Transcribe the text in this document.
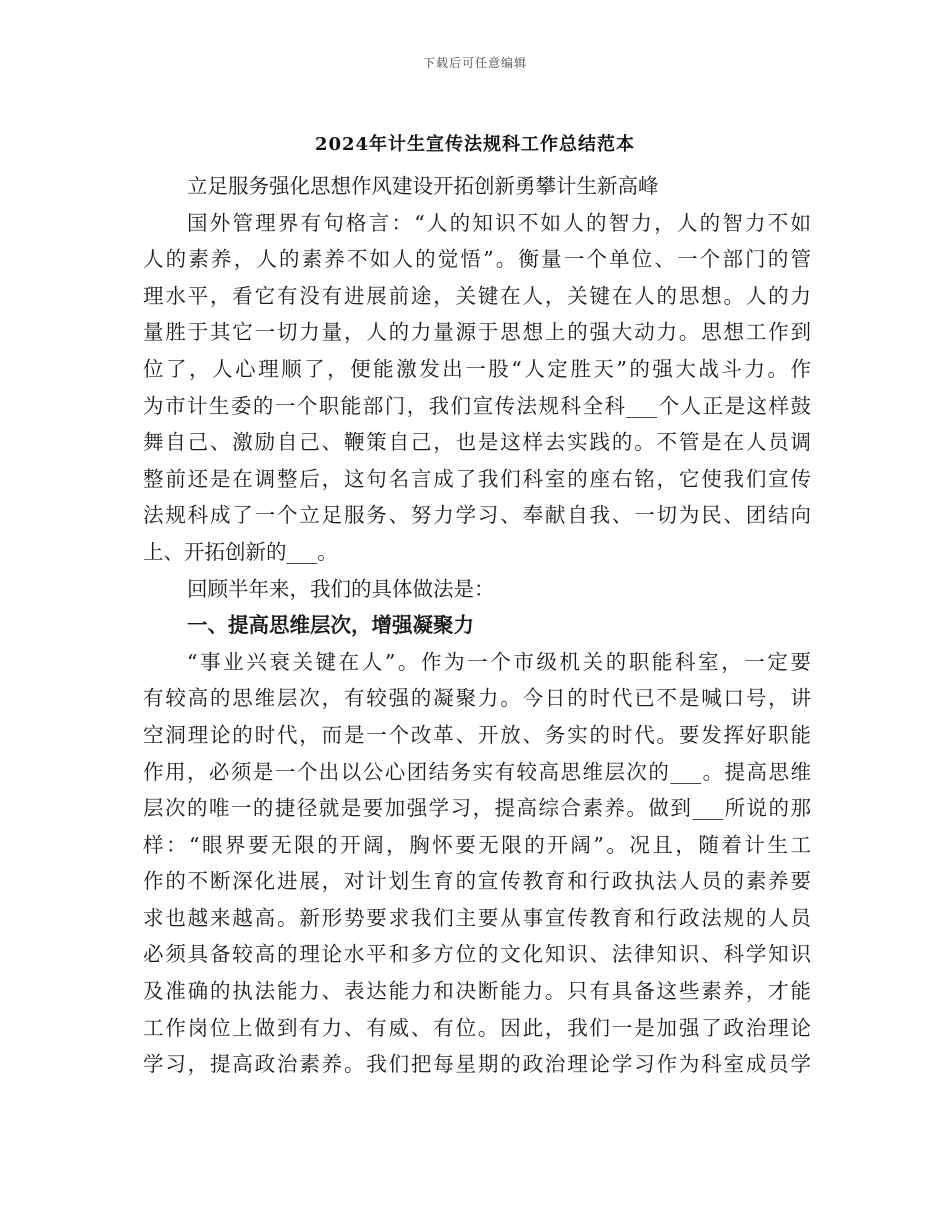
下载后可任意编辑
2024年计生宣传法规科工作总结范本
立足服务强化思想作风建设开拓创新勇攀计生新高峰
国外管理界有句格言：“人的知识不如人的智力，人的智力不如
人的素养，人的素养不如人的觉悟”。衡量一个单位、一个部门的管
理水平，看它有没有进展前途，关键在人，关键在人的思想。人的力
量胜于其它一切力量，人的力量源于思想上的强大动力。思想工作到
位了，人心理顺了，便能激发出一股“人定胜天”的强大战斗力。作
为市计生委的一个职能部门，我们宣传法规科全科___个人正是这样鼓
舞自己、激励自己、鞭策自己，也是这样去实践的。不管是在人员调
整前还是在调整后，这句名言成了我们科室的座右铭，它使我们宣传
法规科成了一个立足服务、努力学习、奉献自我、一切为民、团结向
上、开拓创新的___。
回顾半年来，我们的具体做法是：
一、提高思维层次，增强凝聚力
“事业兴衰关键在人”。作为一个市级机关的职能科室，一定要
有较高的思维层次，有较强的凝聚力。今日的时代已不是喊口号，讲
空洞理论的时代，而是一个改革、开放、务实的时代。要发挥好职能
作用，必须是一个出以公心团结务实有较高思维层次的___。提高思维
层次的唯一的捷径就是要加强学习，提高综合素养。做到___所说的那
样：“眼界要无限的开阔，胸怀要无限的开阔”。况且，随着计生工
作的不断深化进展，对计划生育的宣传教育和行政执法人员的素养要
求也越来越高。新形势要求我们主要从事宣传教育和行政法规的人员
必须具备较高的理论水平和多方位的文化知识、法律知识、科学知识
及准确的执法能力、表达能力和决断能力。只有具备这些素养，才能
工作岗位上做到有力、有威、有位。因此，我们一是加强了政治理论
学习，提高政治素养。我们把每星期的政治理论学习作为科室成员学
